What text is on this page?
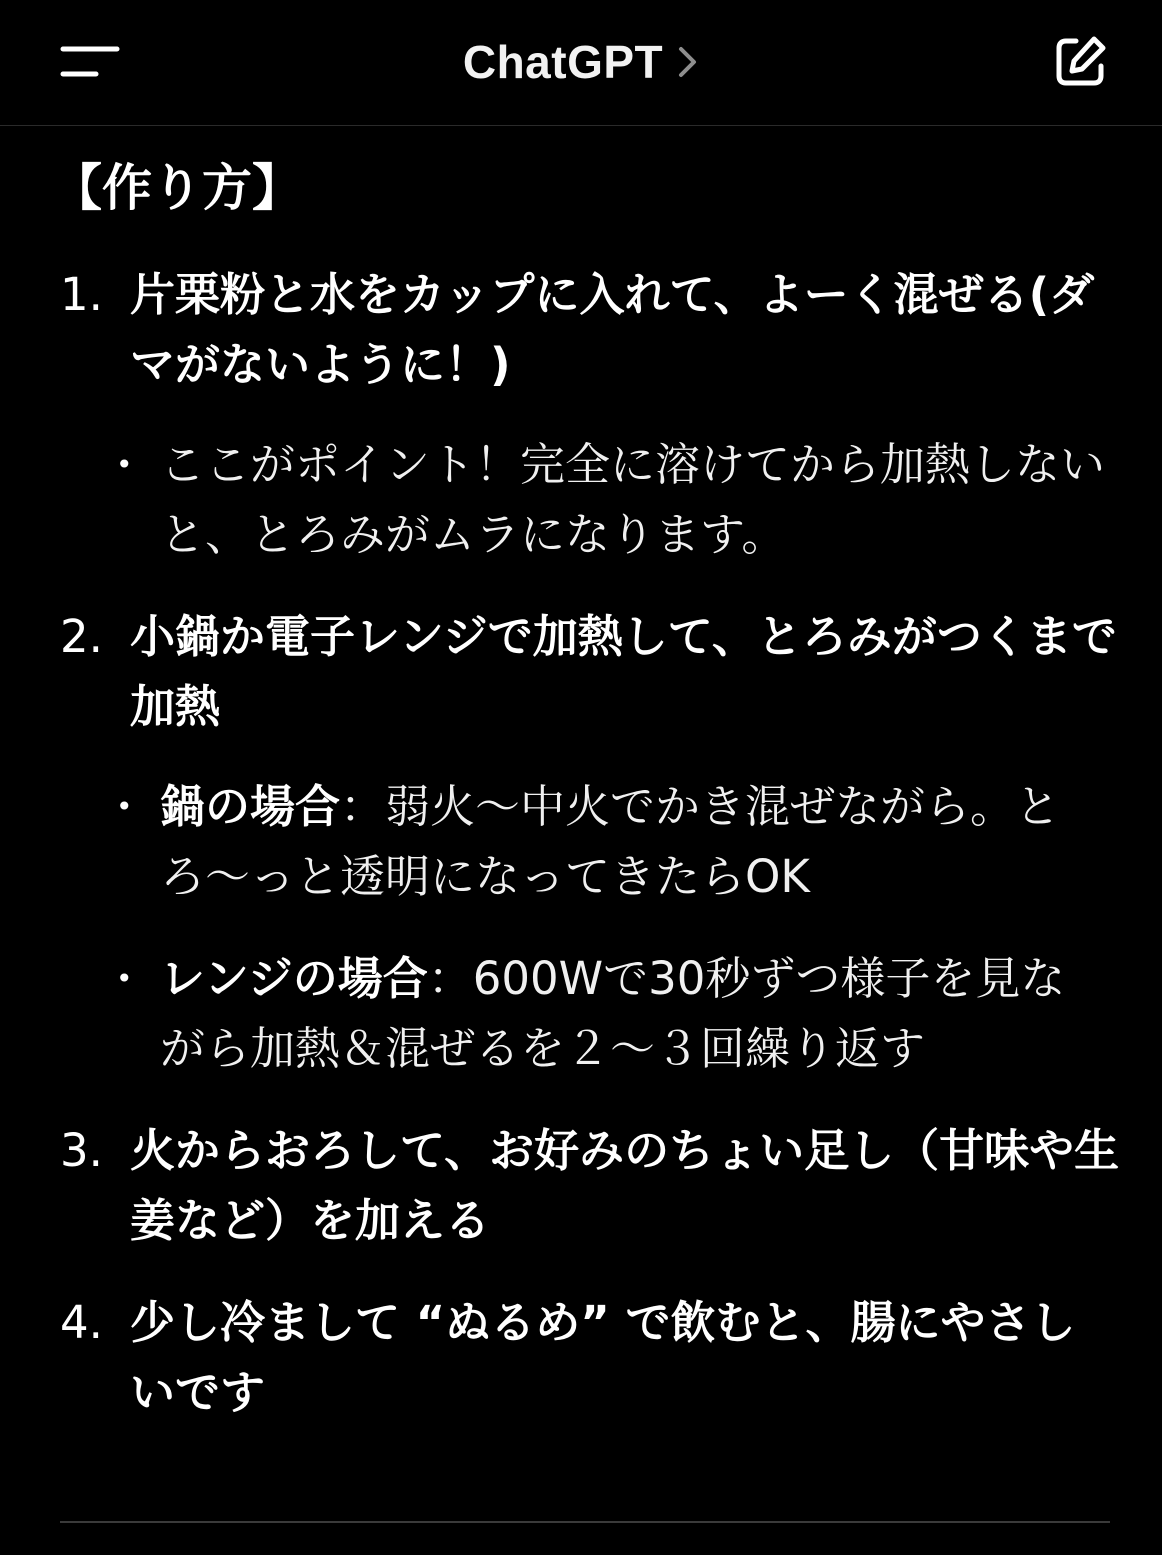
ChatGPT
【作り方】
1. 片栗粉と水をカップに入れて、よーく混ぜる(ダマがないように！)
• ここがポイント！完全に溶けてから加熱しないと、とろみがムラになります。
2. 小鍋か電子レンジで加熱して、とろみがつくまで加熱
• 鍋の場合：弱火〜中火でかき混ぜながら。とろ〜っと透明になってきたらOK
• レンジの場合：600Wで30秒ずつ様子を見ながら加熱＆混ぜるを２〜３回繰り返す
3. 火からおろして、お好みのちょい足し（甘味や生姜など）を加える
4. 少し冷まして “ぬるめ” で飲むと、腸にやさしいです
